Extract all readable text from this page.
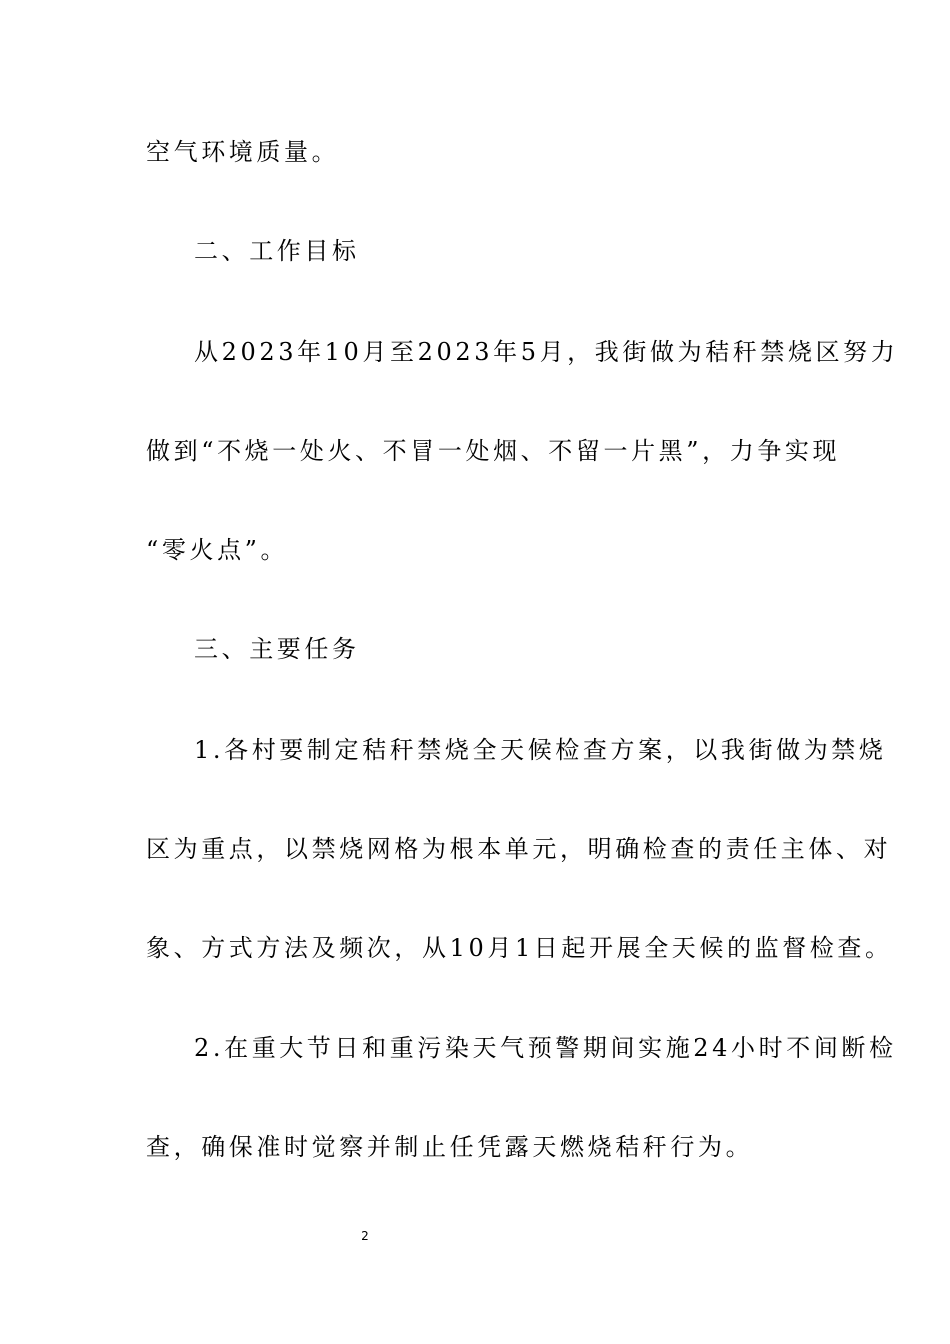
空气环境质量。
二、工作目标
从2023年10月至2023年5月，我街做为秸秆禁烧区努力
做到“不烧一处火、不冒一处烟、不留一片黑”，力争实现
“零火点”。
三、主要任务
1.各村要制定秸秆禁烧全天候检查方案，以我街做为禁烧
区为重点，以禁烧网格为根本单元，明确检查的责任主体、对
象、方式方法及频次，从10月1日起开展全天候的监督检查。
2.在重大节日和重污染天气预警期间实施24小时不间断检
查，确保准时觉察并制止任凭露天燃烧秸秆行为。
2
